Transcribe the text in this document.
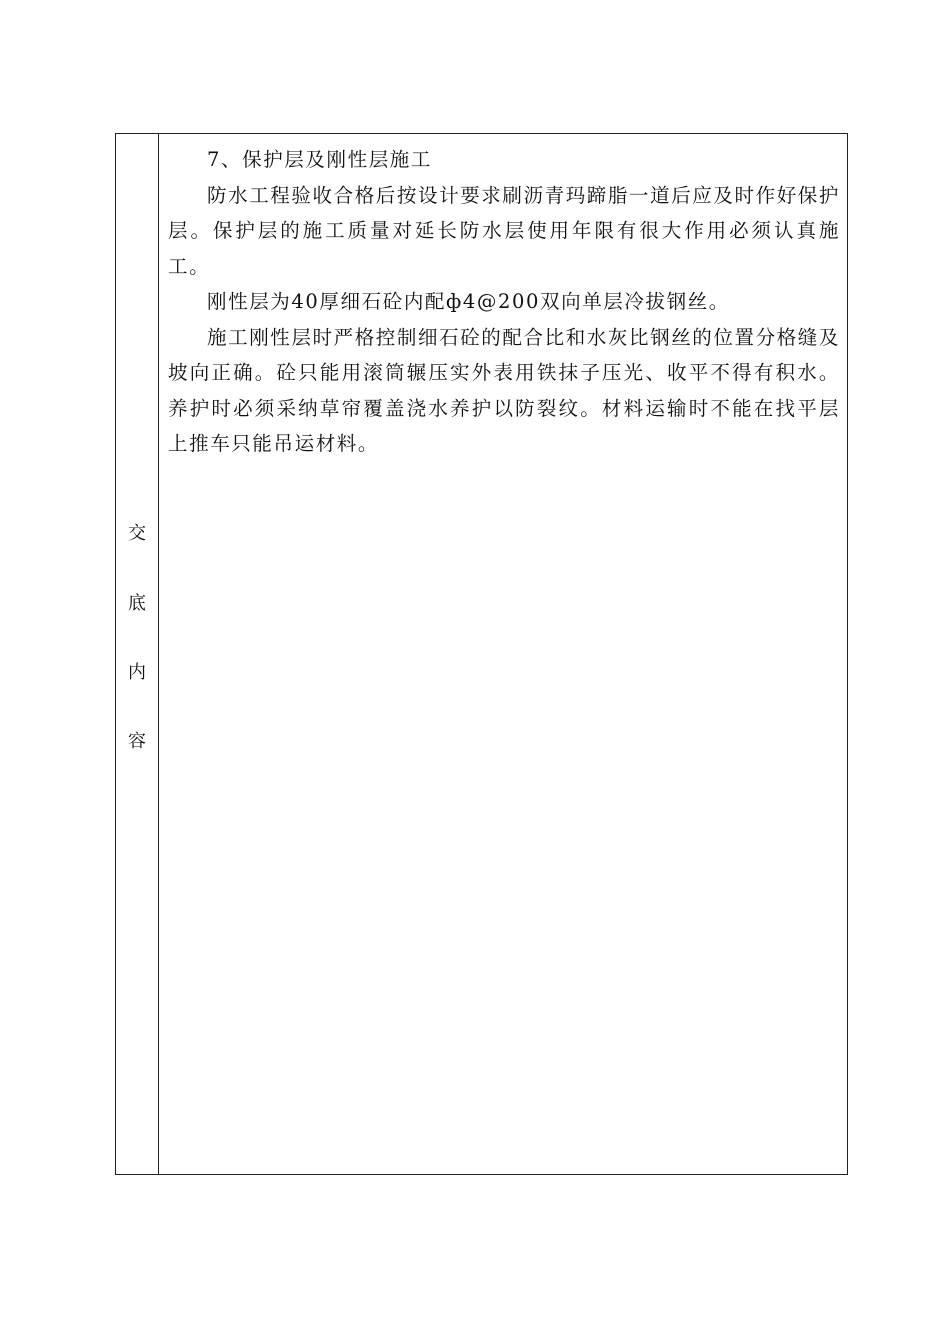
交
底
内
容

7、保护层及刚性层施工

防水工程验收合格后按设计要求刷沥青玛蹄脂一道后应及时作好保护层。保护层的施工质量对延长防水层使用年限有很大作用必须认真施工。

刚性层为40厚细石砼内配ф4@200双向单层冷拔钢丝。

施工刚性层时严格控制细石砼的配合比和水灰比钢丝的位置分格缝及坡向正确。砼只能用滚筒辗压实外表用铁抹子压光、收平不得有积水。养护时必须采纳草帘覆盖浇水养护以防裂纹。材料运输时不能在找平层上推车只能吊运材料。
